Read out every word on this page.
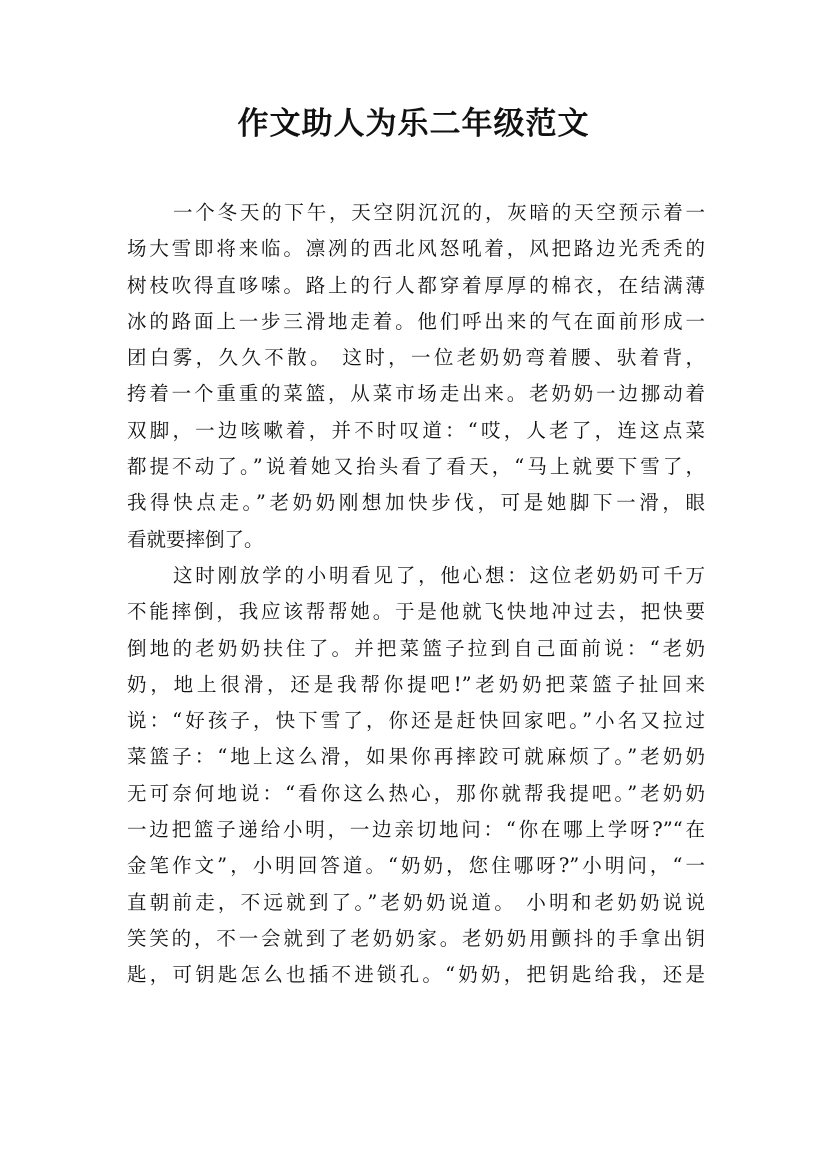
作文助人为乐二年级范文
一个冬天的下午，天空阴沉沉的，灰暗的天空预示着一
场大雪即将来临。凛冽的西北风怒吼着，风把路边光秃秃的
树枝吹得直哆嗦。路上的行人都穿着厚厚的棉衣，在结满薄
冰的路面上一步三滑地走着。他们呼出来的气在面前形成一
团白雾，久久不散。 这时，一位老奶奶弯着腰、驮着背，
挎着一个重重的菜篮，从菜市场走出来。老奶奶一边挪动着
双脚，一边咳嗽着，并不时叹道：“哎，人老了，连这点菜
都提不动了。”说着她又抬头看了看天，“马上就要下雪了，
我得快点走。”老奶奶刚想加快步伐，可是她脚下一滑，眼
看就要摔倒了。
这时刚放学的小明看见了，他心想：这位老奶奶可千万
不能摔倒，我应该帮帮她。于是他就飞快地冲过去，把快要
倒地的老奶奶扶住了。并把菜篮子拉到自己面前说：“老奶
奶，地上很滑，还是我帮你提吧!”老奶奶把菜篮子扯回来
说：“好孩子，快下雪了，你还是赶快回家吧。”小名又拉过
菜篮子：“地上这么滑，如果你再摔跤可就麻烦了。”老奶奶
无可奈何地说：“看你这么热心，那你就帮我提吧。”老奶奶
一边把篮子递给小明，一边亲切地问：“你在哪上学呀?”“在
金笔作文”，小明回答道。“奶奶，您住哪呀?”小明问，“一
直朝前走，不远就到了。”老奶奶说道。 小明和老奶奶说说
笑笑的，不一会就到了老奶奶家。老奶奶用颤抖的手拿出钥
匙，可钥匙怎么也插不进锁孔。“奶奶，把钥匙给我，还是
